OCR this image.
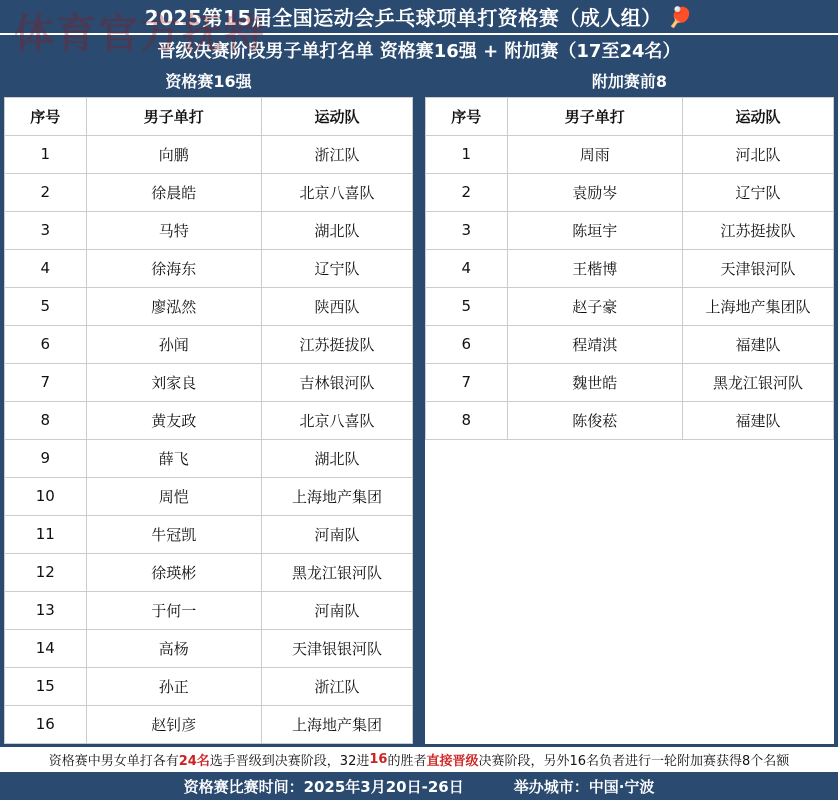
体育官方抚特
2025第15届全国运动会乒乓球项单打资格赛（成人组） 🏓
晋级决赛阶段男子单打名单 资格赛16强 + 附加赛（17至24名）
资格赛16强
序号	男子单打	运动队
1	向鹏	浙江队
2	徐晨皓	北京八喜队
3	马特	湖北队
4	徐海东	辽宁队
5	廖泓然	陕西队
6	孙闻	江苏挺拔队
7	刘家良	吉林银河队
8	黄友政	北京八喜队
9	薛飞	湖北队
10	周恺	上海地产集团
11	牛冠凯	河南队
12	徐瑛彬	黑龙江银河队
13	于何一	河南队
14	高杨	天津银银河队
15	孙正	浙江队
16	赵钊彦	上海地产集团
附加赛前8
序号	男子单打	运动队
1	周雨	河北队
2	袁励岑	辽宁队
3	陈垣宇	江苏挺拔队
4	王楷博	天津银河队
5	赵子豪	上海地产集团队
6	程靖淇	福建队
7	魏世皓	黑龙江银河队
8	陈俊菘	福建队

资格赛中男女单打各有 24名 选手晋级到决赛阶段，32进 16 的胜者 直接晋级 决赛阶段，另外16名负者进行一轮附加赛获得8个名额
资格赛比赛时间：2025年3月20日-26日	举办城市：中国·宁波
